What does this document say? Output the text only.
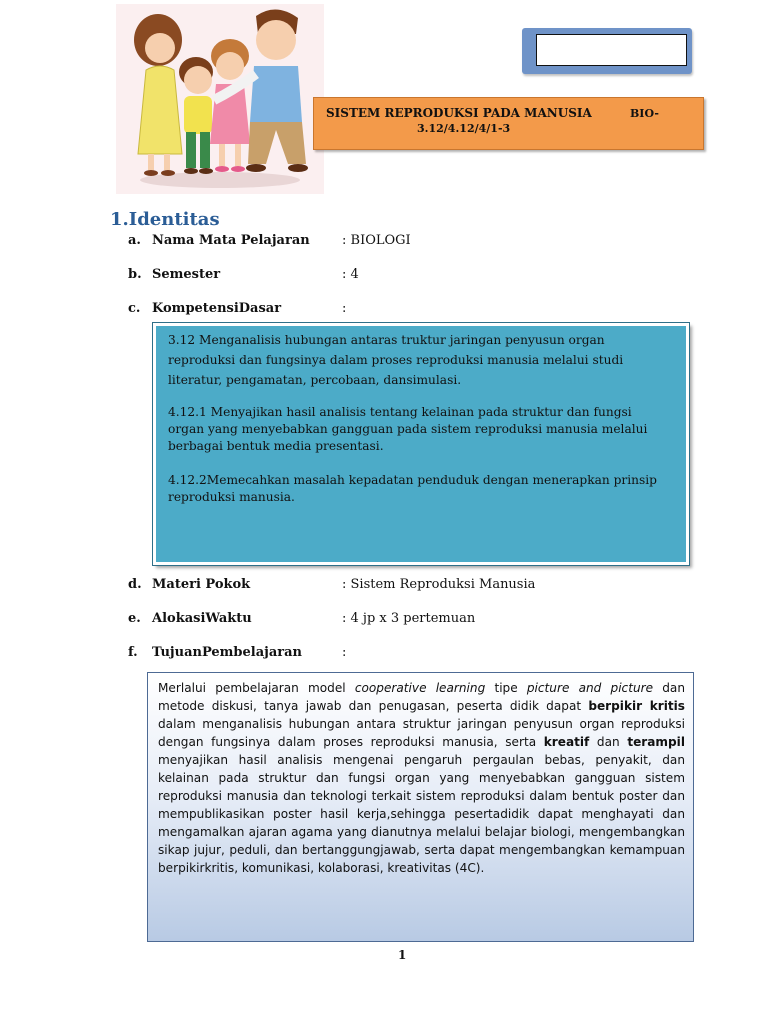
SISTEM REPRODUKSI PADA MANUSIA	BIO-
3.12/4.12/4/1-3
1.Identitas
a. Nama Mata Pelajaran : BIOLOGI
b. Semester	: 4
c. KompetensiDasar	:
3.12 Menganalisis hubungan antaras truktur jaringan penyusun organ reproduksi dan fungsinya dalam proses reproduksi manusia melalui studi literatur, pengamatan, percobaan, dansimulasi.
4.12.1 Menyajikan hasil analisis tentang kelainan pada struktur dan fungsi organ yang menyebabkan gangguan pada sistem reproduksi manusia melalui berbagai bentuk media presentasi.
4.12.2Memecahkan masalah kepadatan penduduk dengan menerapkan prinsip reproduksi manusia.
d. Materi Pokok	: Sistem Reproduksi Manusia
e. AlokasiWaktu	: 4 jp x 3 pertemuan
f. TujuanPembelajaran	:
Merlalui pembelajaran model cooperative learning tipe picture and picture dan metode diskusi, tanya jawab dan penugasan, peserta didik dapat berpikir kritis dalam menganalisis hubungan antara struktur jaringan penyusun organ reproduksi dengan fungsinya dalam proses reproduksi manusia, serta kreatif dan terampil menyajikan hasil analisis mengenai pengaruh pergaulan bebas, penyakit, dan kelainan pada struktur dan fungsi organ yang menyebabkan gangguan sistem reproduksi manusia dan teknologi terkait sistem reproduksi dalam bentuk poster dan mempublikasikan poster hasil kerja,sehingga pesertadidik dapat menghayati dan mengamalkan ajaran agama yang dianutnya melalui belajar biologi, mengembangkan sikap jujur, peduli, dan bertanggungjawab, serta dapat mengembangkan kemampuan berpikirkritis, komunikasi, kolaborasi, kreativitas (4C).
1
